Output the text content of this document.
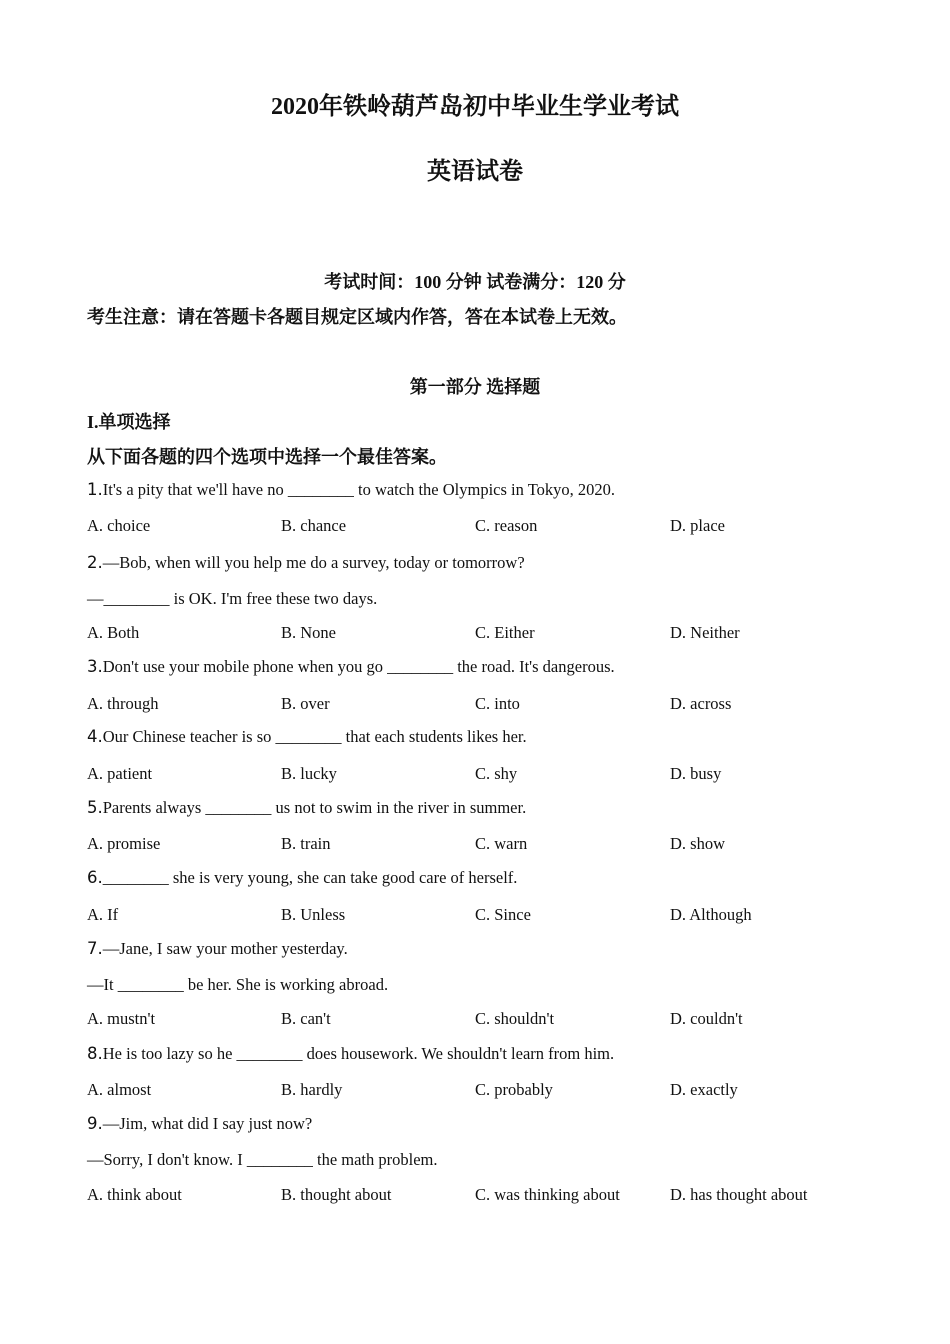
2020年铁岭葫芦岛初中毕业生学业考试
英语试卷
考试时间：100 分钟 试卷满分：120 分
考生注意：请在答题卡各题目规定区域内作答，答在本试卷上无效。
第一部分 选择题
I.单项选择
从下面各题的四个选项中选择一个最佳答案。
1.It's a pity that we'll have no ________ to watch the Olympics in Tokyo, 2020.
A. choice	B. chance	C. reason	D. place
2.—Bob, when will you help me do a survey, today or tomorrow?
—________ is OK. I'm free these two days.
A. Both	B. None	C. Either	D. Neither
3.Don't use your mobile phone when you go ________ the road. It's dangerous.
A. through	B. over	C. into	D. across
4.Our Chinese teacher is so ________ that each students likes her.
A. patient	B. lucky	C. shy	D. busy
5.Parents always ________ us not to swim in the river in summer.
A. promise	B. train	C. warn	D. show
6.________ she is very young, she can take good care of herself.
A. If	B. Unless	C. Since	D. Although
7.—Jane, I saw your mother yesterday.
—It ________ be her. She is working abroad.
A. mustn't	B. can't	C. shouldn't	D. couldn't
8.He is too lazy so he ________ does housework. We shouldn't learn from him.
A. almost	B. hardly	C. probably	D. exactly
9.—Jim, what did I say just now?
—Sorry, I don't know. I ________ the math problem.
A. think about	B. thought about	C. was thinking about	D. has thought about
